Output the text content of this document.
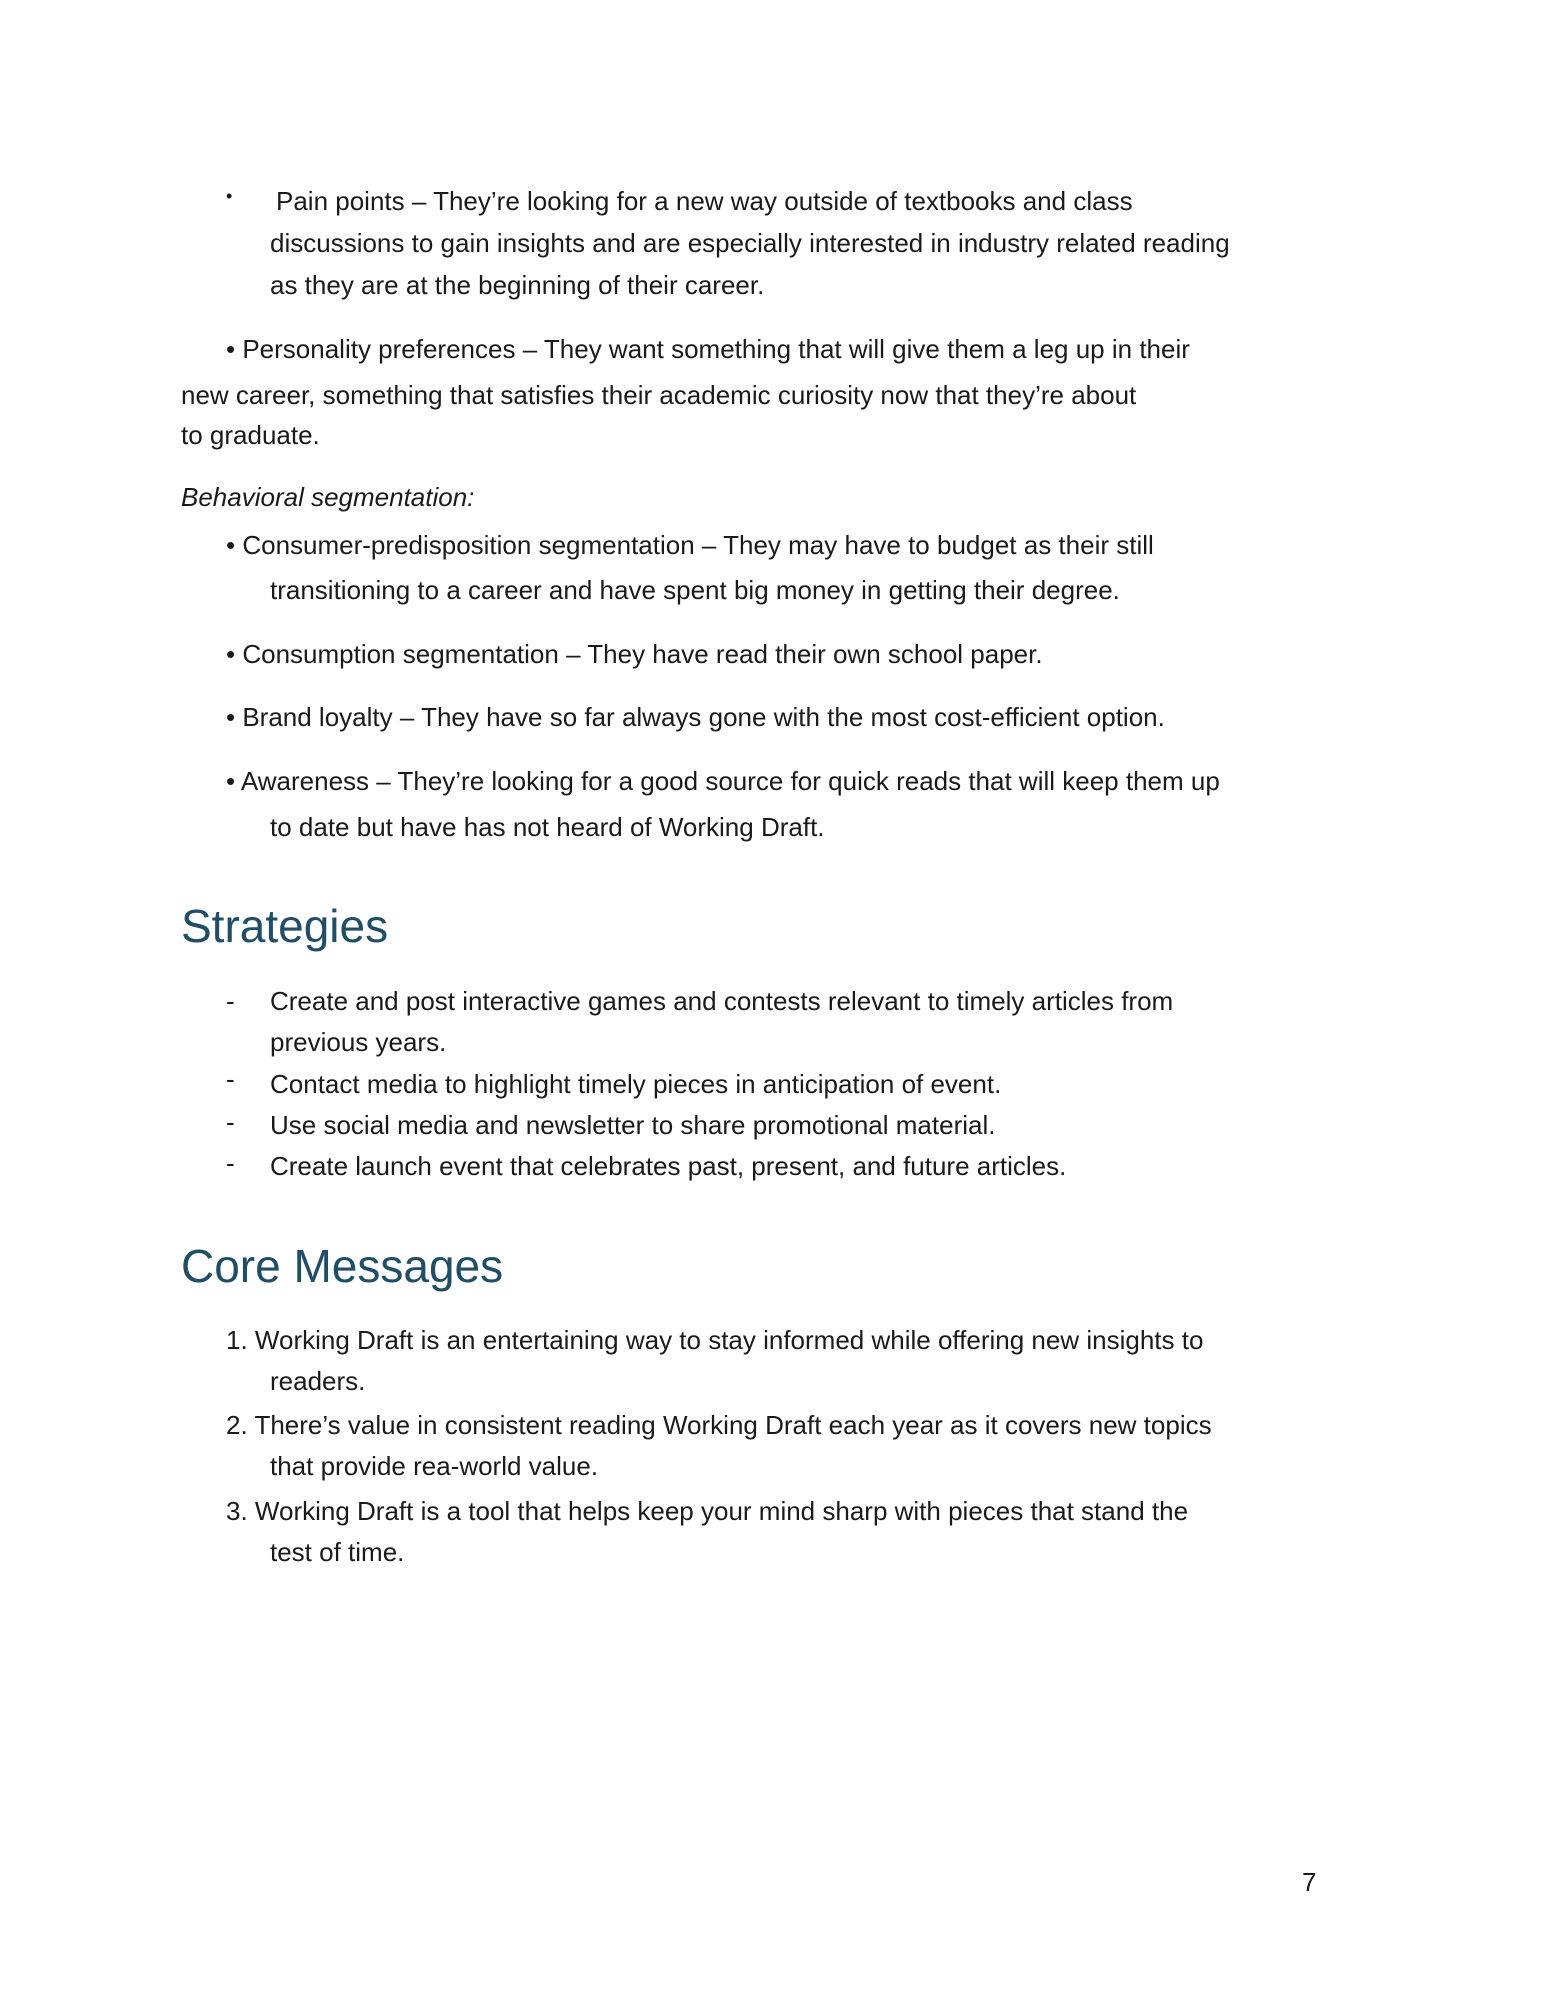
• Pain points – They’re looking for a new way outside of textbooks and class

discussions to gain insights and are especially interested in industry related reading

as they are at the beginning of their career.

• Personality preferences – They want something that will give them a leg up in their

new career, something that satisfies their academic curiosity now that they’re about

to graduate.

Behavioral segmentation:

• Consumer-predisposition segmentation – They may have to budget as their still

transitioning to a career and have spent big money in getting their degree.

• Consumption segmentation – They have read their own school paper.

• Brand loyalty – They have so far always gone with the most cost-efficient option.

• Awareness – They’re looking for a good source for quick reads that will keep them up

to date but have has not heard of Working Draft.

Strategies
- Create and post interactive games and contests relevant to timely articles from

previous years.

- Contact media to highlight timely pieces in anticipation of event.

- Use social media and newsletter to share promotional material.

- Create launch event that celebrates past, present, and future articles.

Core Messages

1. Working Draft is an entertaining way to stay informed while offering new insights to

readers.

2. There’s value in consistent reading Working Draft each year as it covers new topics

that provide rea-world value.

3. Working Draft is a tool that helps keep your mind sharp with pieces that stand the

test of time.

7
